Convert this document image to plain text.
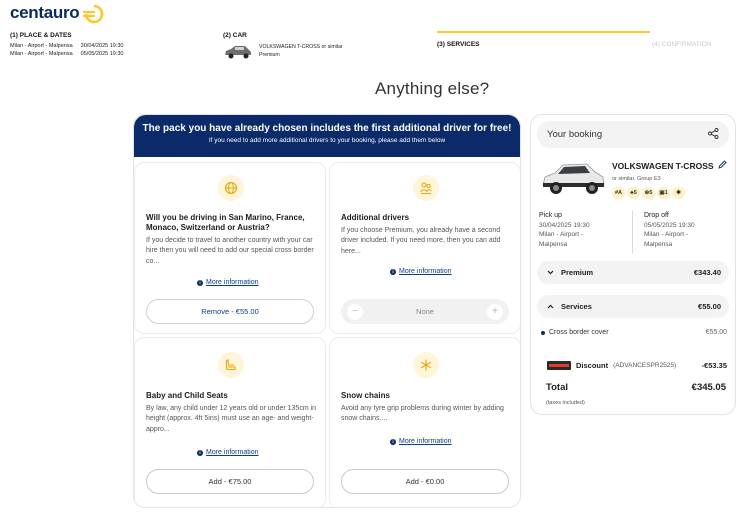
centauro
(1) PLACE & DATES
Milan - Airport - Malpensa 30/04/2025 19:30
Milan - Airport - Malpensa 05/05/2025 19:30
(2) CAR
VOLKSWAGEN T-CROSS or similar
Premium
(3) SERVICES	(4) CONFIRMATION
Anything else?
The pack you have already chosen includes the first additional driver for free!
If you need to add more additional drivers to your booking, please add them below
Will you be driving in San Marino, France, Monaco, Switzerland or Austria?
If you decide to travel to another country with your car hire then you will need to add our special cross border co...
i More information
Remove - €55.00
Additional drivers
If you choose Premium, you already have a second driver included. If you need more, then you can add here...
i More information
−	None	+
Baby and Child Seats
By law, any child under 12 years old or under 135cm in height (approx. 4ft 5ins) must use an age- and weight- appro...
i More information
Add - €75.00
Snow chains
Avoid any tyre grip problems during winter by adding snow chains....
i More information
Add - €0.00
Your booking
VOLKSWAGEN T-CROSS
or similar. Group E3
#A	♣5	⊕5	▣1	✱
Pick up
30/04/2025 19:30
Milan - Airport -
Malpensa
Drop off
05/05/2025 19:30
Milan - Airport -
Malpensa
Premium	€343.40
Services	€55.00
Cross border cover	€55.00
Discount (ADVANCESPR2525)	-€53.35
Total	€345.05
(taxes included)
